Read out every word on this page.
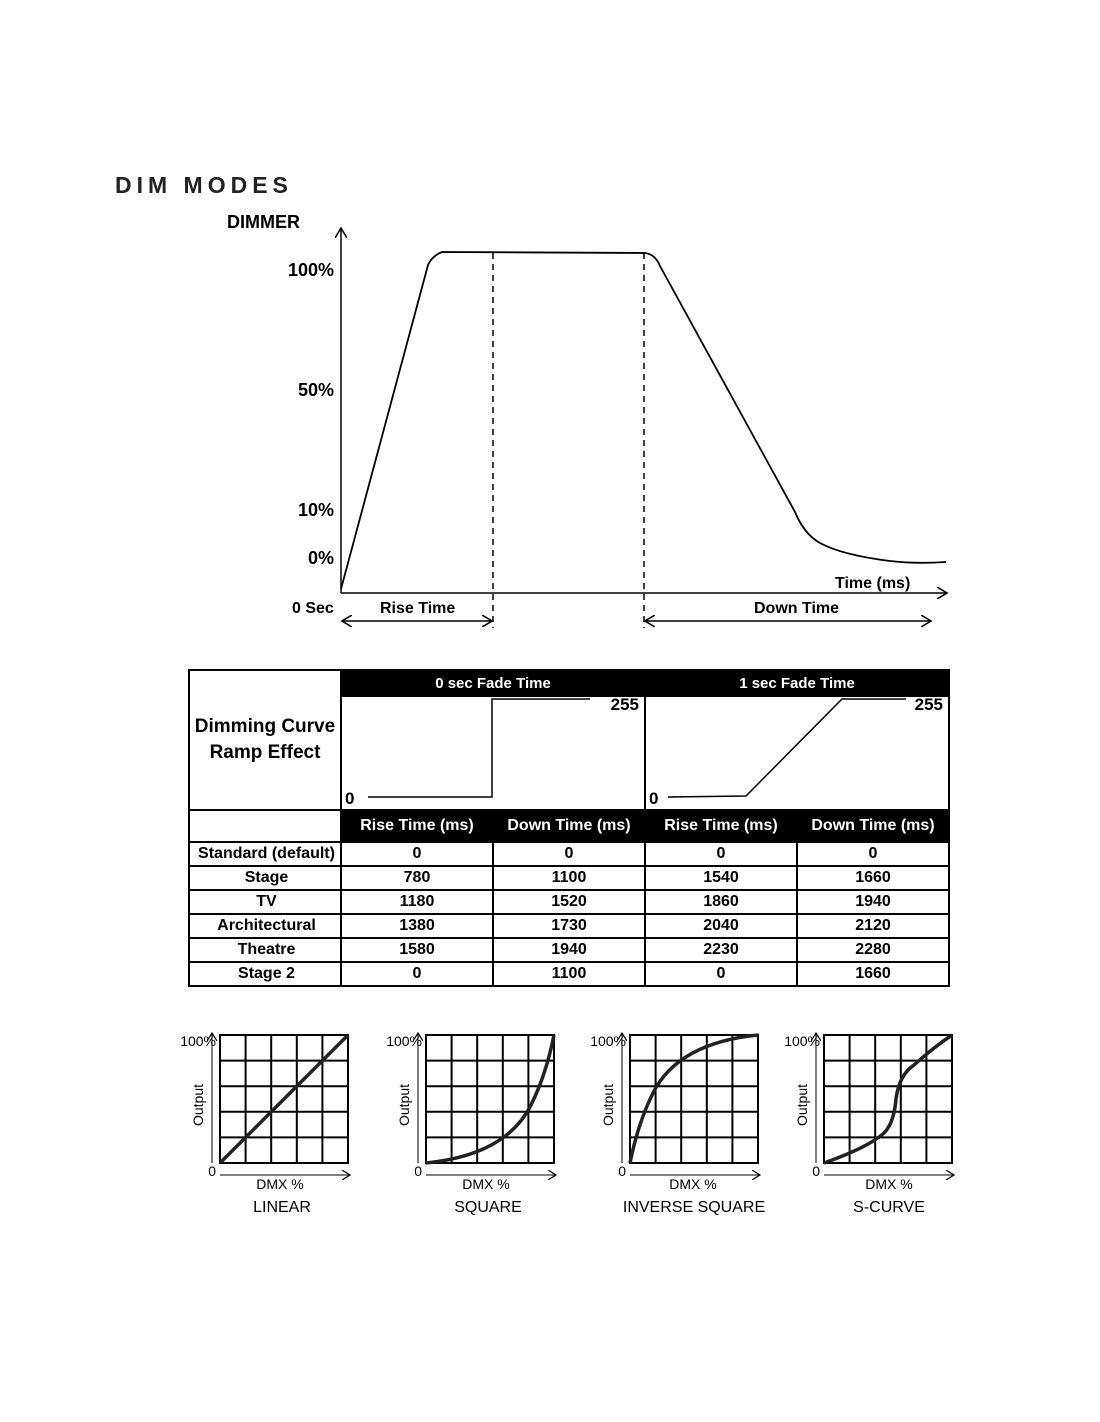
DIM MODES
DIMMER
100%
50%
10%
0%
0 Sec
Time (ms)
Rise Time	Down Time
Dimming Curve
Ramp Effect	0 sec Fade Time		1 sec Fade Time	

0
255		0
255	

	Rise Time (ms)	Down Time (ms)	Rise Time (ms)	Down Time (ms)
Standard (default)	0	0	0	0
Stage	780	1100	1540	1660
TV	1180	1520	1860	1940
Architectural	1380	1730	2040	2120
Theatre	1580	1940	2230	2280
Stage 2	0	1100	0	1660
100%
0
Output
DMX %
LINEAR
100%
0
Output
DMX %
SQUARE
100%
0
Output
DMX %
INVERSE SQUARE
100%
0
Output
DMX %
S-CURVE
